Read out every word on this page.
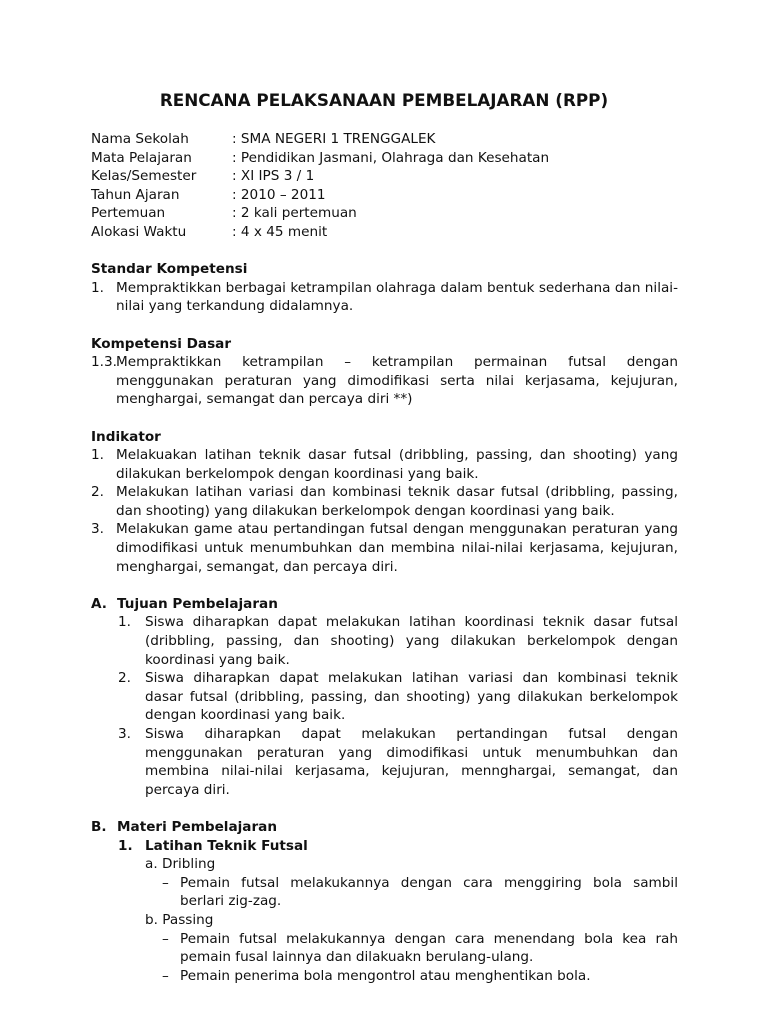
RENCANA PELAKSANAAN PEMBELAJARAN (RPP)
Nama Sekolah	: SMA NEGERI 1 TRENGGALEK
Mata Pelajaran	: Pendidikan Jasmani, Olahraga dan Kesehatan
Kelas/Semester	: XI IPS 3 / 1
Tahun Ajaran	: 2010 – 2011
Pertemuan	: 2 kali pertemuan
Alokasi Waktu	: 4 x 45 menit
Standar Kompetensi
1. Mempraktikkan berbagai ketrampilan olahraga dalam bentuk sederhana dan nilai-nilai yang terkandung didalamnya.
Kompetensi Dasar
1.3. Mempraktikkan ketrampilan – ketrampilan permainan futsal dengan
menggunakan peraturan yang dimodifikasi serta nilai kerjasama, kejujuran, menghargai, semangat dan percaya diri **)
Indikator
1. Melakuakan latihan teknik dasar futsal (dribbling, passing, dan shooting) yang dilakukan berkelompok dengan koordinasi yang baik.
2. Melakukan latihan variasi dan kombinasi teknik dasar futsal (dribbling, passing, dan shooting) yang dilakukan berkelompok dengan koordinasi yang baik.
3. Melakukan game atau pertandingan futsal dengan menggunakan peraturan yang dimodifikasi untuk menumbuhkan dan membina nilai-nilai kerjasama, kejujuran, menghargai, semangat, dan percaya diri.
A. Tujuan Pembelajaran
1.	Siswa diharapkan dapat melakukan latihan koordinasi teknik dasar futsal (dribbling, passing, dan shooting) yang dilakukan berkelompok dengan koordinasi yang baik.
2.	Siswa diharapkan dapat melakukan latihan variasi dan kombinasi teknik dasar futsal (dribbling, passing, dan shooting) yang dilakukan berkelompok dengan koordinasi yang baik.
3.	Siswa diharapkan dapat melakukan pertandingan futsal dengan menggunakan peraturan yang dimodifikasi untuk menumbuhkan dan membina nilai-nilai kerjasama, kejujuran, mennghargai, semangat, dan percaya diri.
B. Materi Pembelajaran
1. Latihan Teknik Futsal
a. Dribling
– Pemain futsal melakukannya dengan cara menggiring bola sambil berlari zig-zag.
b. Passing
– Pemain futsal melakukannya dengan cara menendang bola kea rah pemain fusal lainnya dan dilakuakn berulang-ulang.
– Pemain penerima bola mengontrol atau menghentikan bola.
